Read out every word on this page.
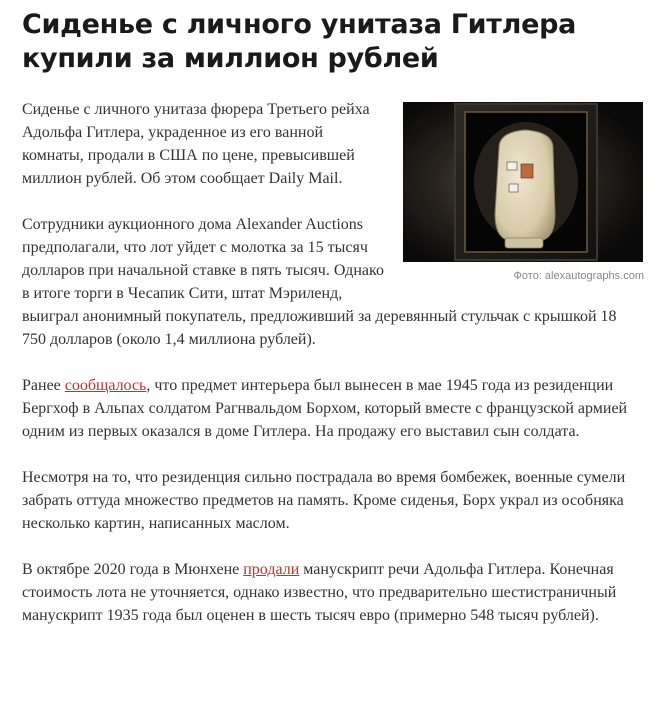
Сиденье с личного унитаза Гитлера купили за миллион рублей
Фото: alexautographs.com

Сиденье с личного унитаза фюрера Третьего рейха Адольфа Гитлера, украденное из его ванной комнаты, продали в США по цене, превысившей миллион рублей. Об этом сообщает Daily Mail.

Сотрудники аукционного дома Alexander Auctions предполагали, что лот уйдет с молотка за 15 тысяч долларов при начальной ставке в пять тысяч. Однако в итоге торги в Чесапик Сити, штат Мэриленд, выиграл анонимный покупатель, предложивший за деревянный стульчак с крышкой 18 750 долларов (около 1,4 миллиона рублей).

Ранее сообщалось, что предмет интерьера был вынесен в мае 1945 года из резиденции Бергхоф в Альпах солдатом Рагнвальдом Борхом, который вместе с французской армией одним из первых оказался в доме Гитлера. На продажу его выставил сын солдата.

Несмотря на то, что резиденция сильно пострадала во время бомбежек, военные сумели забрать оттуда множество предметов на память. Кроме сиденья, Борх украл из особняка несколько картин, написанных маслом.

В октябре 2020 года в Мюнхене продали манускрипт речи Адольфа Гитлера. Конечная стоимость лота не уточняется, однако известно, что предварительно шестистраничный манускрипт 1935 года был оценен в шесть тысяч евро (примерно 548 тысяч рублей).
